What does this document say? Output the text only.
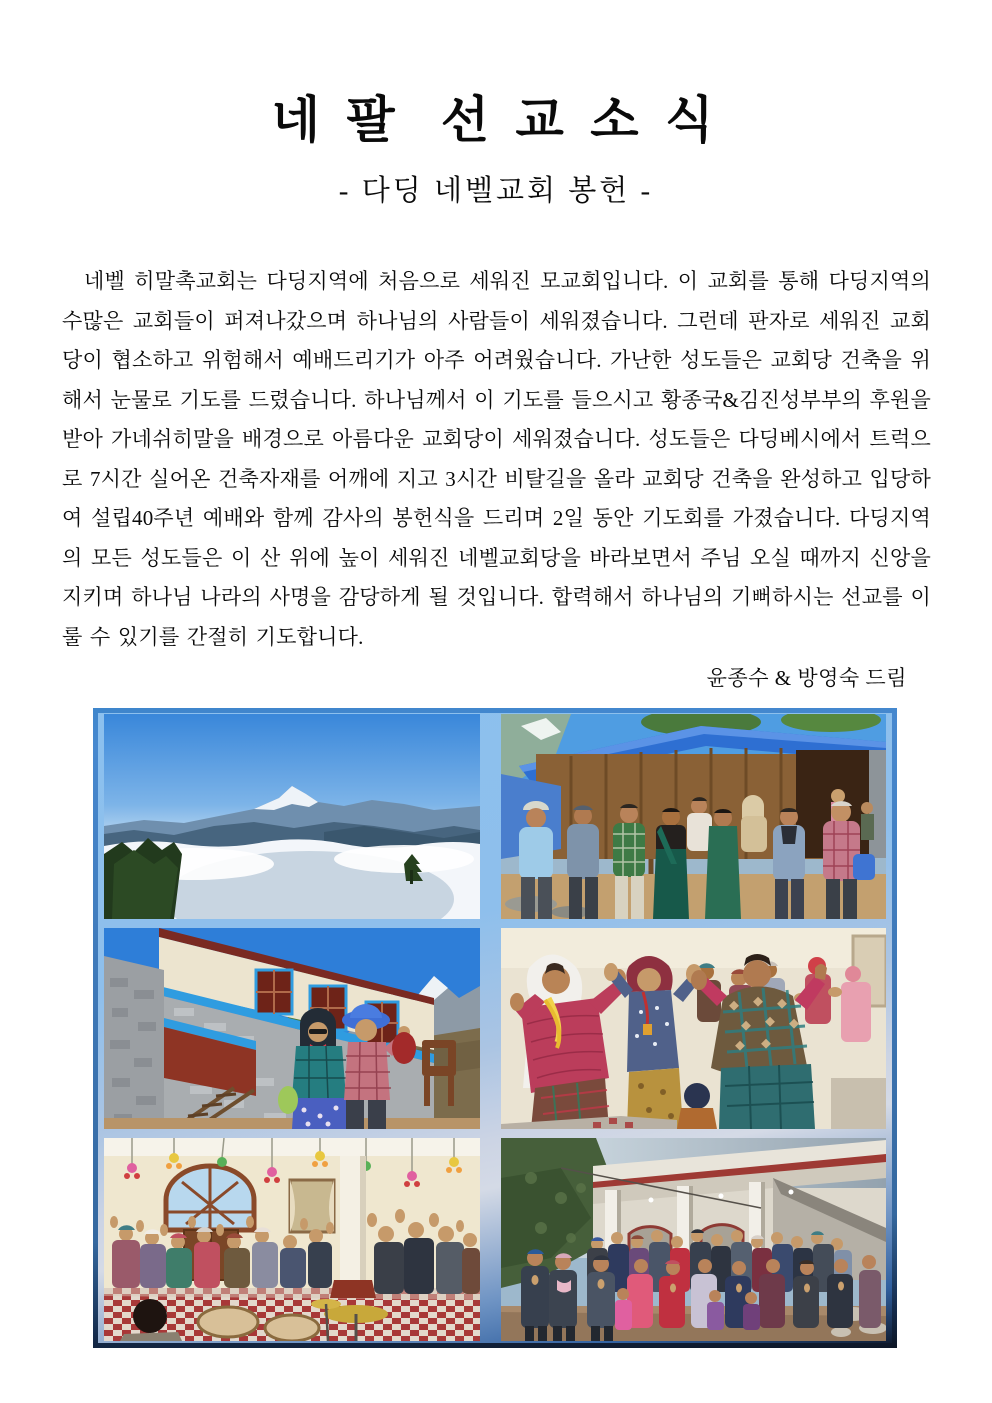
네 팔  선 교 소 식
- 다딩 네벨교회 봉헌 -

네벨 히말촉교회는 다딩지역에 처음으로 세워진 모교회입니다. 이 교회를 통해 다딩지역의 수많은 교회들이 퍼져나갔으며 하나님의 사람들이 세워졌습니다. 그런데 판자로 세워진 교회당이 협소하고 위험해서 예배드리기가 아주 어려웠습니다. 가난한 성도들은 교회당 건축을 위해서 눈물로 기도를 드렸습니다. 하나님께서 이 기도를 들으시고 황종국&김진성부부의 후원을 받아 가네쉬히말을 배경으로 아름다운 교회당이 세워졌습니다. 성도들은 다딩베시에서 트럭으로 7시간 실어온 건축자재를 어깨에 지고 3시간 비탈길을 올라 교회당 건축을 완성하고 입당하여 설립40주년 예배와 함께 감사의 봉헌식을 드리며 2일 동안 기도회를 가졌습니다. 다딩지역의 모든 성도들은 이 산 위에 높이 세워진 네벨교회당을 바라보면서 주님 오실 때까지 신앙을 지키며 하나님 나라의 사명을 감당하게 될 것입니다. 합력해서 하나님의 기뻐하시는 선교를 이룰 수 있기를 간절히 기도합니다.

윤종수 & 방영숙 드림
